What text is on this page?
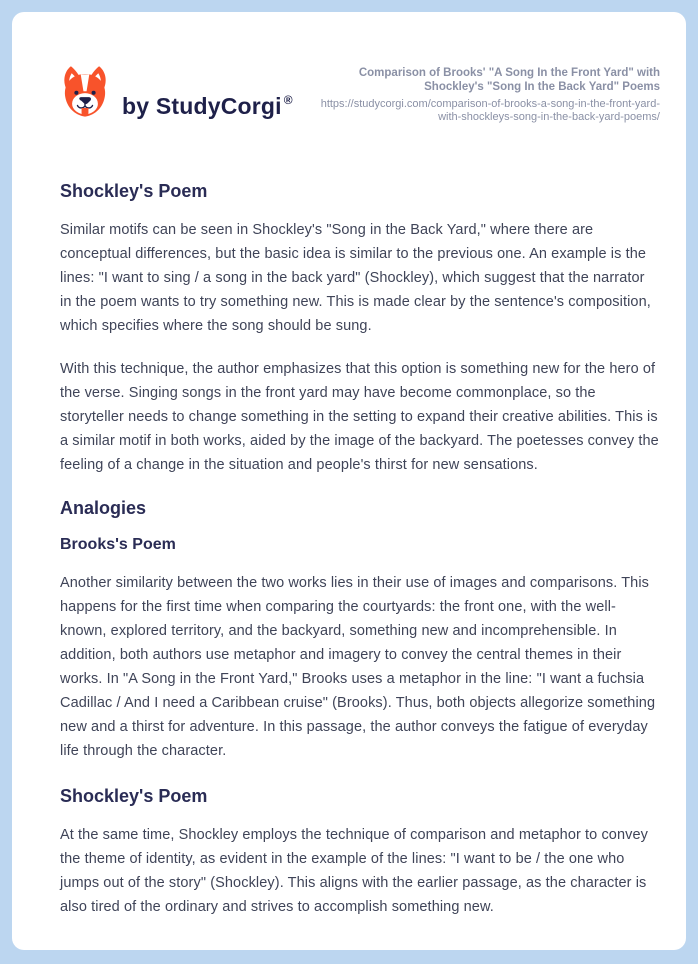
by StudyCorgi ®
Comparison of Brooks' "A Song In the Front Yard" with Shockley's "Song In the Back Yard" Poems
https://studycorgi.com/comparison-of-brooks-a-song-in-the-front-yard-with-shockleys-song-in-the-back-yard-poems/
Shockley's Poem

Similar motifs can be seen in Shockley's "Song in the Back Yard," where there are conceptual differences, but the basic idea is similar to the previous one. An example is the lines: "I want to sing / a song in the back yard" (Shockley), which suggest that the narrator in the poem wants to try something new. This is made clear by the sentence's composition, which specifies where the song should be sung.

With this technique, the author emphasizes that this option is something new for the hero of the verse. Singing songs in the front yard may have become commonplace, so the storyteller needs to change something in the setting to expand their creative abilities. This is a similar motif in both works, aided by the image of the backyard. The poetesses convey the feeling of a change in the situation and people's thirst for new sensations.

Analogies
Brooks's Poem

Another similarity between the two works lies in their use of images and comparisons. This happens for the first time when comparing the courtyards: the front one, with the well-known, explored territory, and the backyard, something new and incomprehensible. In addition, both authors use metaphor and imagery to convey the central themes in their works. In "A Song in the Front Yard," Brooks uses a metaphor in the line: "I want a fuchsia Cadillac / And I need a Caribbean cruise" (Brooks). Thus, both objects allegorize something new and a thirst for adventure. In this passage, the author conveys the fatigue of everyday life through the character.

Shockley's Poem

At the same time, Shockley employs the technique of comparison and metaphor to convey the theme of identity, as evident in the example of the lines: "I want to be / the one who jumps out of the story" (Shockley). This aligns with the earlier passage, as the character is also tired of the ordinary and strives to accomplish something new.
